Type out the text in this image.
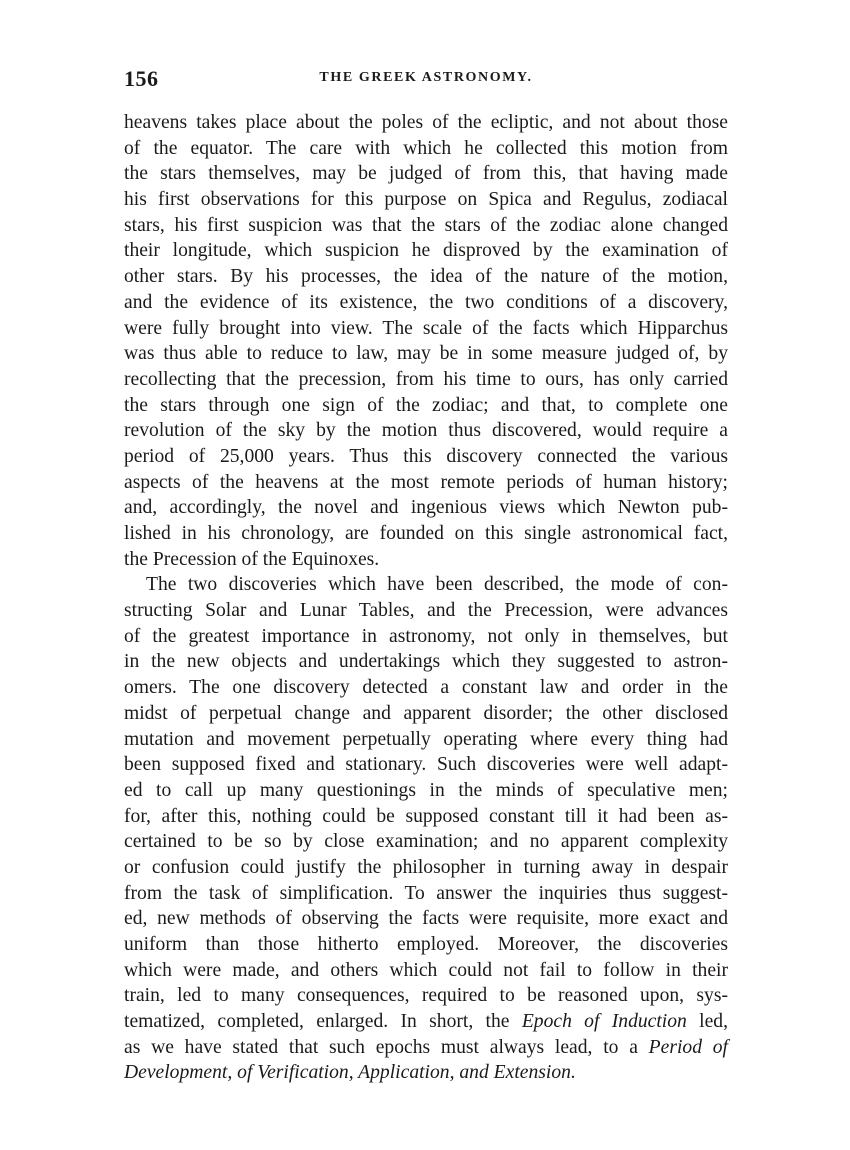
156	THE GREEK ASTRONOMY.
heavens takes place about the poles of the ecliptic, and not about those
of the equator. The care with which he collected this motion from
the stars themselves, may be judged of from this, that having made
his first observations for this purpose on Spica and Regulus, zodiacal
stars, his first suspicion was that the stars of the zodiac alone changed
their longitude, which suspicion he disproved by the examination of
other stars. By his processes, the idea of the nature of the motion,
and the evidence of its existence, the two conditions of a discovery,
were fully brought into view. The scale of the facts which Hipparchus
was thus able to reduce to law, may be in some measure judged of, by
recollecting that the precession, from his time to ours, has only carried
the stars through one sign of the zodiac; and that, to complete one
revolution of the sky by the motion thus discovered, would require a
period of 25,000 years. Thus this discovery connected the various
aspects of the heavens at the most remote periods of human history;
and, accordingly, the novel and ingenious views which Newton pub-
lished in his chronology, are founded on this single astronomical fact,
the Precession of the Equinoxes.
The two discoveries which have been described, the mode of con-
structing Solar and Lunar Tables, and the Precession, were advances
of the greatest importance in astronomy, not only in themselves, but
in the new objects and undertakings which they suggested to astron-
omers. The one discovery detected a constant law and order in the
midst of perpetual change and apparent disorder; the other disclosed
mutation and movement perpetually operating where every thing had
been supposed fixed and stationary. Such discoveries were well adapt-
ed to call up many questionings in the minds of speculative men;
for, after this, nothing could be supposed constant till it had been as-
certained to be so by close examination; and no apparent complexity
or confusion could justify the philosopher in turning away in despair
from the task of simplification. To answer the inquiries thus suggest-
ed, new methods of observing the facts were requisite, more exact and
uniform than those hitherto employed. Moreover, the discoveries
which were made, and others which could not fail to follow in their
train, led to many consequences, required to be reasoned upon, sys-
tematized, completed, enlarged. In short, the Epoch of Induction led,
as we have stated that such epochs must always lead, to a Period of
Development, of Verification, Application, and Extension.
